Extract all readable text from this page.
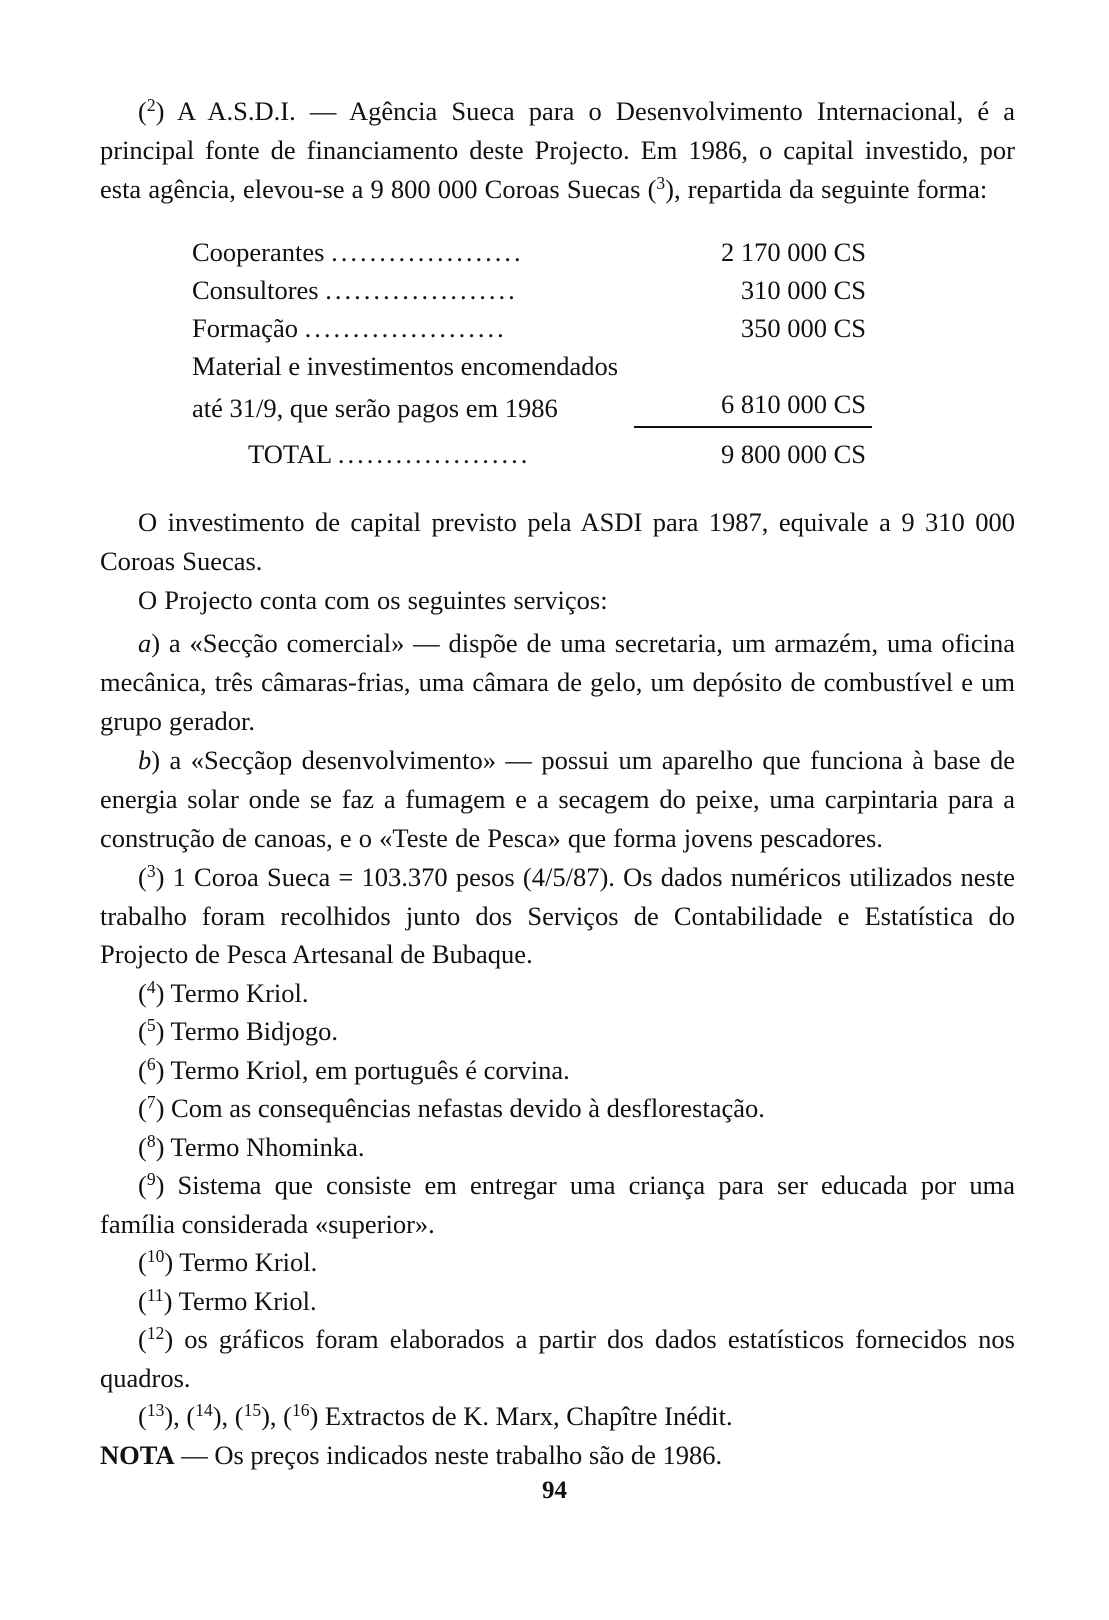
($^2$) A A.S.D.I. — Agência Sueca para o Desenvolvimento Internacional, é a principal fonte de financiamento deste Projecto. Em 1986, o capital investido, por esta agência, elevou-se a 9 800 000 Coroas Suecas ($^3$), repartida da seguinte forma:

Cooperantes ....................	2 170 000 CS
Consultores ....................	310 000 CS
Formação .....................	350 000 CS
Material e investimentos encomendados	
até 31/9, que serão pagos em 1986	6 810 000 CS
TOTAL ....................	9 800 000 CS

O investimento de capital previsto pela ASDI para 1987, equivale a 9 310 000 Coroas Suecas.

O Projecto conta com os seguintes serviços:

a) a «Secção comercial» — dispõe de uma secretaria, um armazém, uma oficina mecânica, três câmaras-frias, uma câmara de gelo, um depósito de combustível e um grupo gerador.

b) a «Secçãop desenvolvimento» — possui um aparelho que funciona à base de energia solar onde se faz a fumagem e a secagem do peixe, uma carpintaria para a construção de canoas, e o «Teste de Pesca» que forma jovens pescadores.

($^3$) 1 Coroa Sueca = 103.370 pesos (4/5/87). Os dados numéricos utilizados neste trabalho foram recolhidos junto dos Serviços de Contabilidade e Estatística do Projecto de Pesca Artesanal de Bubaque.

($^4$) Termo Kriol.

($^5$) Termo Bidjogo.

($^6$) Termo Kriol, em português é corvina.

($^7$) Com as consequências nefastas devido à desflorestação.

($^8$) Termo Nhominka.

($^9$) Sistema que consiste em entregar uma criança para ser educada por uma família considerada «superior».

($^{10}$) Termo Kriol.

($^{11}$) Termo Kriol.

($^{12}$) os gráficos foram elaborados a partir dos dados estatísticos fornecidos nos quadros.

($^{13}$), ($^{14}$), ($^{15}$), ($^{16}$) Extractos de K. Marx, Chapître Inédit.

NOTA — Os preços indicados neste trabalho são de 1986.

94
